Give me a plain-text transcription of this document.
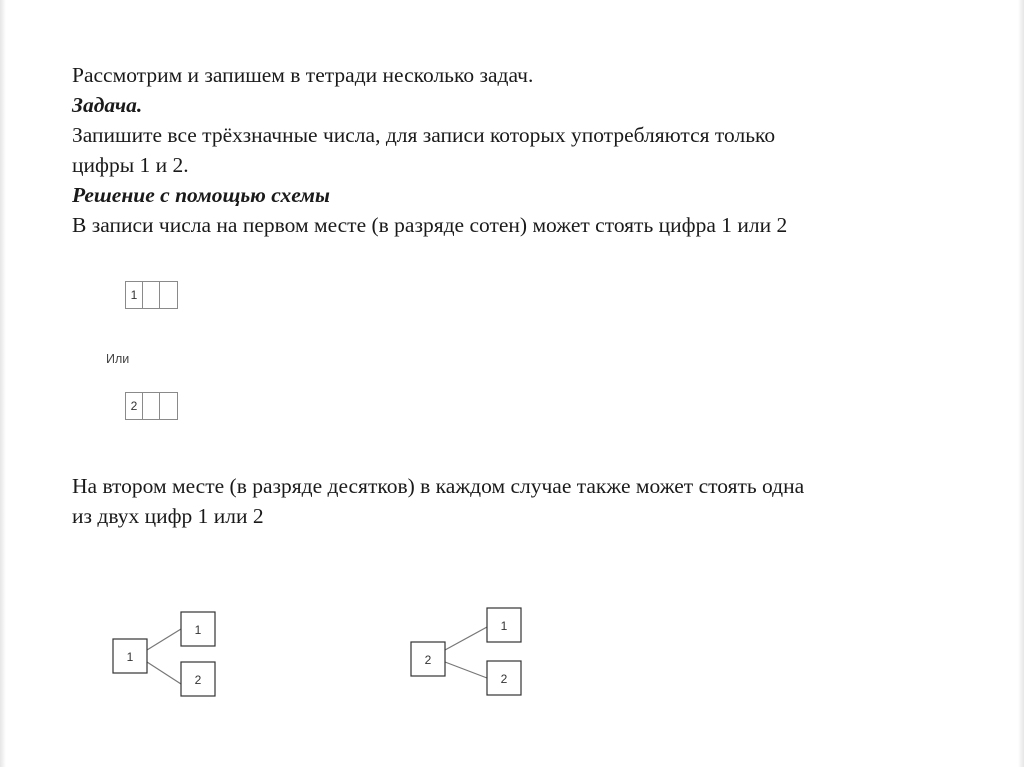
Рассмотрим и запишем в тетради несколько задач.
Задача.
Запишите все трёхзначные числа, для записи которых употребляются только
цифры 1 и 2.
Решение с помощью схемы
В записи числа на первом месте (в разряде сотен) может стоять цифра 1 или 2
1
Или
2
На втором месте (в разряде десятков) в каждом случае также может стоять одна
из двух цифр 1 или 2
1
1
2
2
1
2
